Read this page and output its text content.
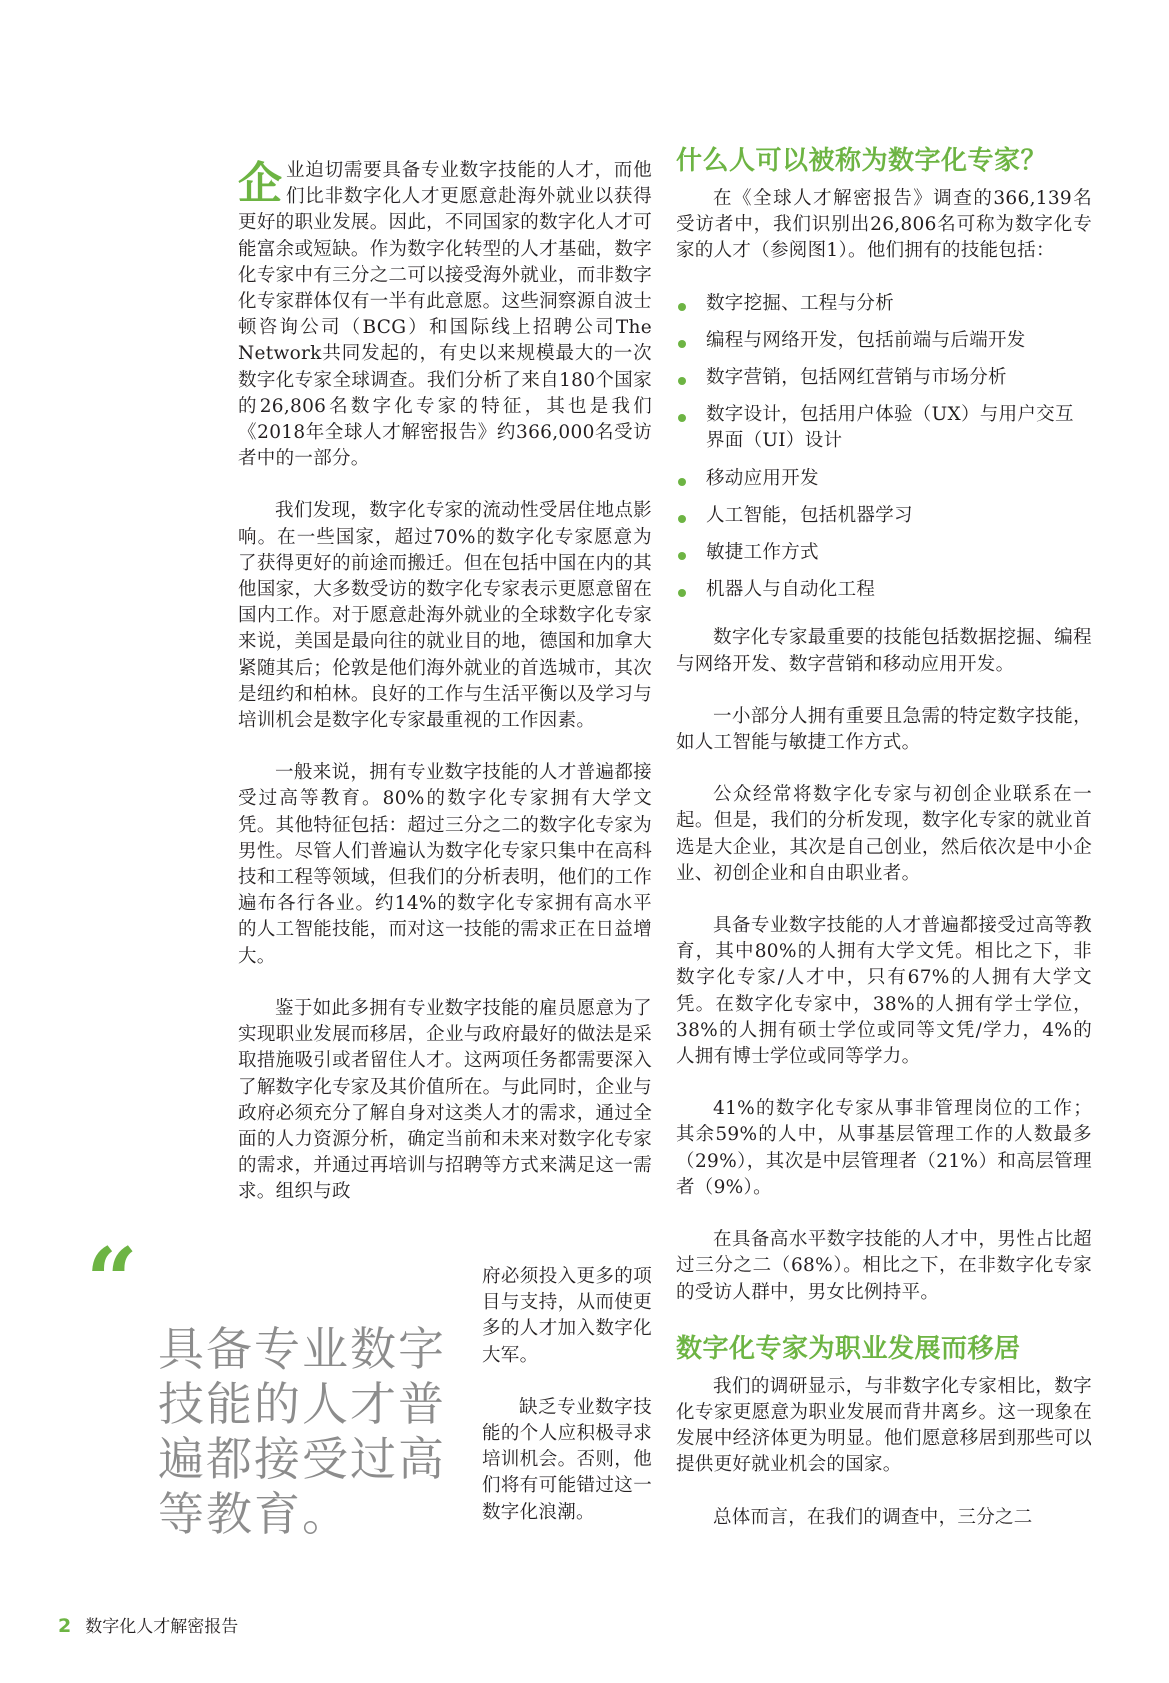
企业迫切需要具备专业数字技能的人才，而他们比非数字化人才更愿意赴海外就业以获得更好的职业发展。因此，不同国家的数字化人才可能富余或短缺。作为数字化转型的人才基础，数字化专家中有三分之二可以接受海外就业，而非数字化专家群体仅有一半有此意愿。这些洞察源自波士顿咨询公司（BCG）和国际线上招聘公司The Network共同发起的，有史以来规模最大的一次数字化专家全球调查。我们分析了来自180个国家的26,806名数字化专家的特征，其也是我们《2018年全球人才解密报告》约366,000名受访者中的一部分。

我们发现，数字化专家的流动性受居住地点影响。在一些国家，超过70%的数字化专家愿意为了获得更好的前途而搬迁。但在包括中国在内的其他国家，大多数受访的数字化专家表示更愿意留在国内工作。对于愿意赴海外就业的全球数字化专家来说，美国是最向往的就业目的地，德国和加拿大紧随其后；伦敦是他们海外就业的首选城市，其次是纽约和柏林。良好的工作与生活平衡以及学习与培训机会是数字化专家最重视的工作因素。

一般来说，拥有专业数字技能的人才普遍都接受过高等教育。80%的数字化专家拥有大学文凭。其他特征包括：超过三分之二的数字化专家为男性。尽管人们普遍认为数字化专家只集中在高科技和工程等领域，但我们的分析表明，他们的工作遍布各行各业。约14%的数字化专家拥有高水平的人工智能技能，而对这一技能的需求正在日益增大。

鉴于如此多拥有专业数字技能的雇员愿意为了实现职业发展而移居，企业与政府最好的做法是采取措施吸引或者留住人才。这两项任务都需要深入了解数字化专家及其价值所在。与此同时，企业与政府必须充分了解自身对这类人才的需求，通过全面的人力资源分析，确定当前和未来对数字化专家的需求，并通过再培训与招聘等方式来满足这一需求。组织与政

府必须投入更多的项目与支持，从而使更多的人才加入数字化大军。

缺乏专业数字技能的个人应积极寻求培训机会。否则，他们将有可能错过这一数字化浪潮。

“
具备专业数字技能的人才普遍都接受过高等教育。
什么人可以被称为数字化专家？

在《全球人才解密报告》调查的366,139名受访者中，我们识别出26,806名可称为数字化专家的人才（参阅图1）。他们拥有的技能包括：

数字挖掘、工程与分析
编程与网络开发，包括前端与后端开发
数字营销，包括网红营销与市场分析
数字设计，包括用户体验（UX）与用户交互界面（UI）设计
移动应用开发
人工智能，包括机器学习
敏捷工作方式
机器人与自动化工程

数字化专家最重要的技能包括数据挖掘、编程与网络开发、数字营销和移动应用开发。

一小部分人拥有重要且急需的特定数字技能，如人工智能与敏捷工作方式。

公众经常将数字化专家与初创企业联系在一起。但是，我们的分析发现，数字化专家的就业首选是大企业，其次是自己创业，然后依次是中小企业、初创企业和自由职业者。

具备专业数字技能的人才普遍都接受过高等教育，其中80%的人拥有大学文凭。相比之下，非数字化专家/人才中，只有67%的人拥有大学文凭。在数字化专家中，38%的人拥有学士学位，38%的人拥有硕士学位或同等文凭/学力，4%的人拥有博士学位或同等学力。

41%的数字化专家从事非管理岗位的工作；其余59%的人中，从事基层管理工作的人数最多（29%），其次是中层管理者（21%）和高层管理者（9%）。

在具备高水平数字技能的人才中，男性占比超过三分之二（68%）。相比之下，在非数字化专家的受访人群中，男女比例持平。

数字化专家为职业发展而移居

我们的调研显示，与非数字化专家相比，数字化专家更愿意为职业发展而背井离乡。这一现象在发展中经济体更为明显。他们愿意移居到那些可以提供更好就业机会的国家。

总体而言，在我们的调查中，三分之二

2 数字化人才解密报告
